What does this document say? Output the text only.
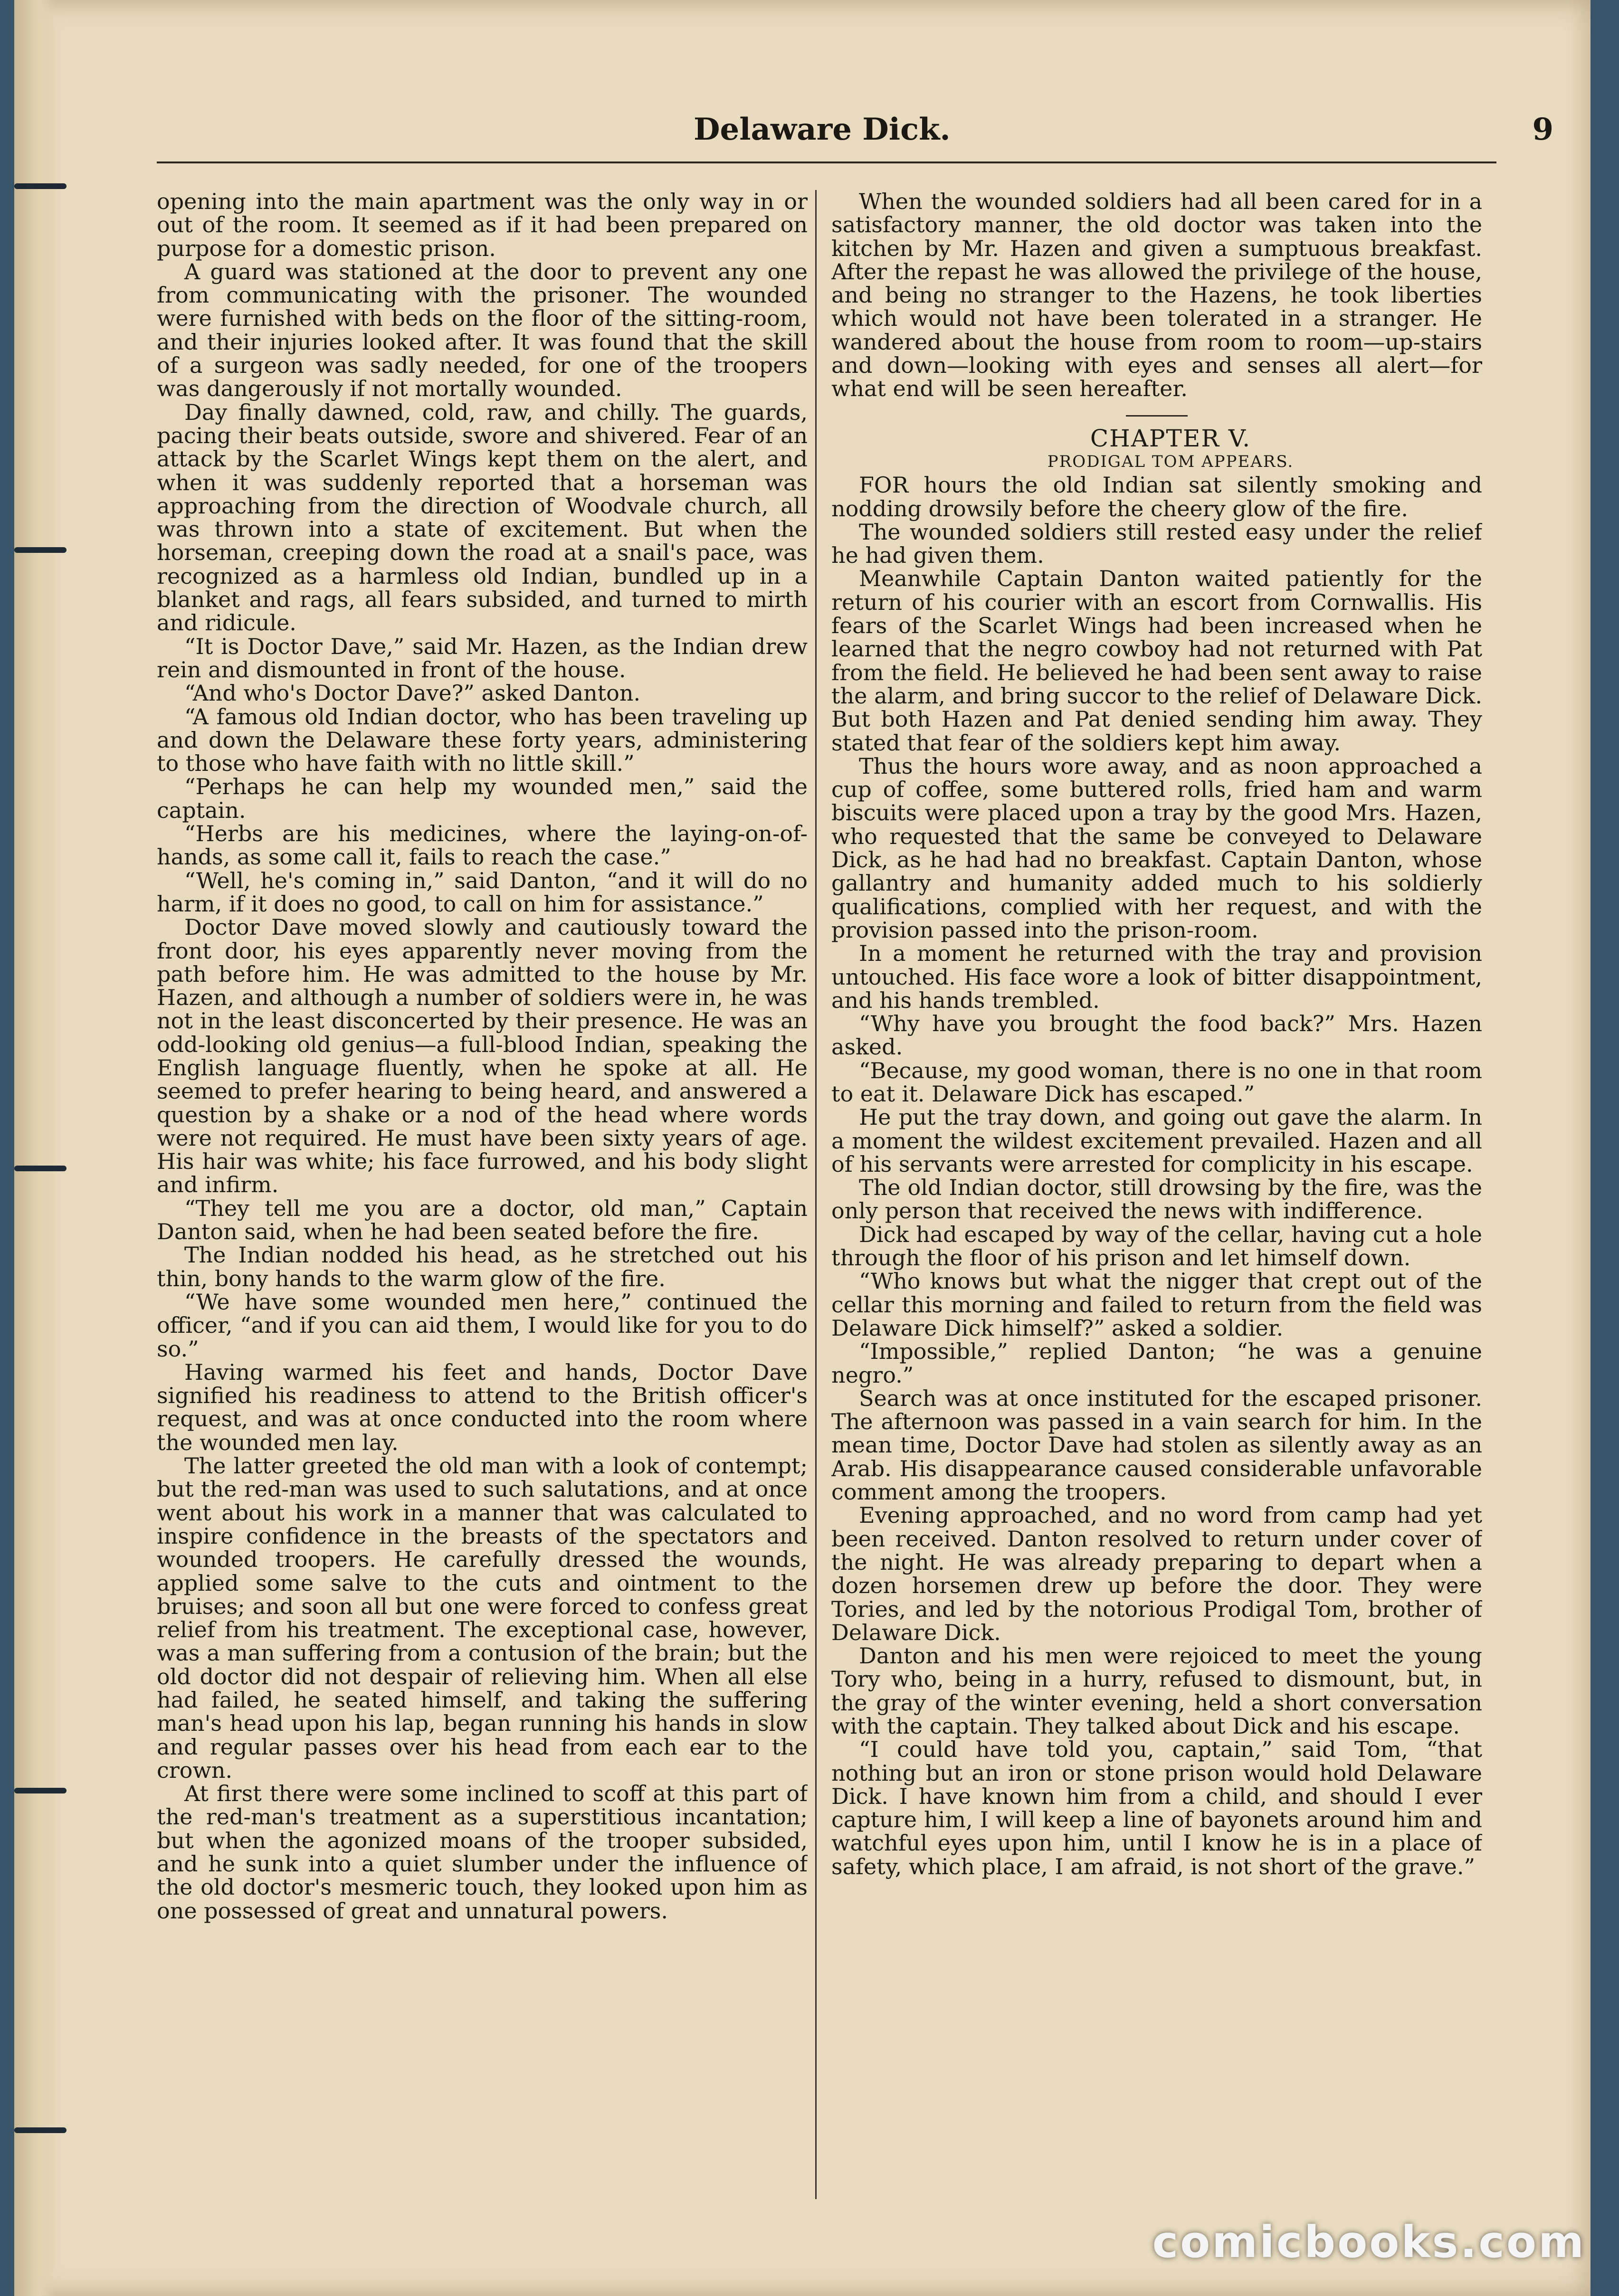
Delaware Dick.	9

opening into the main apartment was the only way in or out of the room. It seemed as if it had been prepared on purpose for a domestic prison.

A guard was stationed at the door to prevent any one from communicating with the prisoner. The wounded were furnished with beds on the floor of the sitting-room, and their injuries looked after. It was found that the skill of a surgeon was sadly needed, for one of the troopers was dangerously if not mortally wounded.

Day finally dawned, cold, raw, and chilly. The guards, pacing their beats outside, swore and shivered. Fear of an attack by the Scarlet Wings kept them on the alert, and when it was suddenly reported that a horseman was approaching from the direction of Woodvale church, all was thrown into a state of excitement. But when the horseman, creeping down the road at a snail's pace, was recognized as a harmless old Indian, bundled up in a blanket and rags, all fears subsided, and turned to mirth and ridicule.

“It is Doctor Dave,” said Mr. Hazen, as the Indian drew rein and dismounted in front of the house.

“And who's Doctor Dave?” asked Danton.

“A famous old Indian doctor, who has been traveling up and down the Delaware these forty years, administering to those who have faith with no little skill.”

“Perhaps he can help my wounded men,” said the captain.

“Herbs are his medicines, where the laying-on-of-hands, as some call it, fails to reach the case.”

“Well, he's coming in,” said Danton, “and it will do no harm, if it does no good, to call on him for assistance.”

Doctor Dave moved slowly and cautiously toward the front door, his eyes apparently never moving from the path before him. He was admitted to the house by Mr. Hazen, and although a number of soldiers were in, he was not in the least disconcerted by their presence. He was an odd-looking old genius—a full-blood Indian, speaking the English language fluently, when he spoke at all. He seemed to prefer hearing to being heard, and answered a question by a shake or a nod of the head where words were not required. He must have been sixty years of age. His hair was white; his face furrowed, and his body slight and infirm.

“They tell me you are a doctor, old man,” Captain Danton said, when he had been seated before the fire.

The Indian nodded his head, as he stretched out his thin, bony hands to the warm glow of the fire.

“We have some wounded men here,” continued the officer, “and if you can aid them, I would like for you to do so.”

Having warmed his feet and hands, Doctor Dave signified his readiness to attend to the British officer's request, and was at once conducted into the room where the wounded men lay.

The latter greeted the old man with a look of contempt; but the red-man was used to such salutations, and at once went about his work in a manner that was calculated to inspire confidence in the breasts of the spectators and wounded troopers. He carefully dressed the wounds, applied some salve to the cuts and ointment to the bruises; and soon all but one were forced to confess great relief from his treatment. The exceptional case, however, was a man suffering from a contusion of the brain; but the old doctor did not despair of relieving him. When all else had failed, he seated himself, and taking the suffering man's head upon his lap, began running his hands in slow and regular passes over his head from each ear to the crown.

At first there were some inclined to scoff at this part of the red-man's treatment as a superstitious incantation; but when the agonized moans of the trooper subsided, and he sunk into a quiet slumber under the influence of the old doctor's mesmeric touch, they looked upon him as one possessed of great and unnatural powers.

When the wounded soldiers had all been cared for in a satisfactory manner, the old doctor was taken into the kitchen by Mr. Hazen and given a sumptuous breakfast. After the repast he was allowed the privilege of the house, and being no stranger to the Hazens, he took liberties which would not have been tolerated in a stranger. He wandered about the house from room to room—up-stairs and down—looking with eyes and senses all alert—for what end will be seen hereafter.

CHAPTER V.

PRODIGAL TOM APPEARS.

FOR hours the old Indian sat silently smoking and nodding drowsily before the cheery glow of the fire.

The wounded soldiers still rested easy under the relief he had given them.

Meanwhile Captain Danton waited patiently for the return of his courier with an escort from Cornwallis. His fears of the Scarlet Wings had been increased when he learned that the negro cowboy had not returned with Pat from the field. He believed he had been sent away to raise the alarm, and bring succor to the relief of Delaware Dick. But both Hazen and Pat denied sending him away. They stated that fear of the soldiers kept him away.

Thus the hours wore away, and as noon approached a cup of coffee, some buttered rolls, fried ham and warm biscuits were placed upon a tray by the good Mrs. Hazen, who requested that the same be conveyed to Delaware Dick, as he had had no breakfast. Captain Danton, whose gallantry and humanity added much to his soldierly qualifications, complied with her request, and with the provision passed into the prison-room.

In a moment he returned with the tray and provision untouched. His face wore a look of bitter disappointment, and his hands trembled.

“Why have you brought the food back?” Mrs. Hazen asked.

“Because, my good woman, there is no one in that room to eat it. Delaware Dick has escaped.”

He put the tray down, and going out gave the alarm. In a moment the wildest excitement prevailed. Hazen and all of his servants were arrested for complicity in his escape.

The old Indian doctor, still drowsing by the fire, was the only person that received the news with indifference.

Dick had escaped by way of the cellar, having cut a hole through the floor of his prison and let himself down.

“Who knows but what the nigger that crept out of the cellar this morning and failed to return from the field was Delaware Dick himself?” asked a soldier.

“Impossible,” replied Danton; “he was a genuine negro.”

Search was at once instituted for the escaped prisoner. The afternoon was passed in a vain search for him. In the mean time, Doctor Dave had stolen as silently away as an Arab. His disappearance caused considerable unfavorable comment among the troopers.

Evening approached, and no word from camp had yet been received. Danton resolved to return under cover of the night. He was already preparing to depart when a dozen horsemen drew up before the door. They were Tories, and led by the notorious Prodigal Tom, brother of Delaware Dick.

Danton and his men were rejoiced to meet the young Tory who, being in a hurry, refused to dismount, but, in the gray of the winter evening, held a short conversation with the captain. They talked about Dick and his escape.

“I could have told you, captain,” said Tom, “that nothing but an iron or stone prison would hold Delaware Dick. I have known him from a child, and should I ever capture him, I will keep a line of bayonets around him and watchful eyes upon him, until I know he is in a place of safety, which place, I am afraid, is not short of the grave.”

comicbooks.com
